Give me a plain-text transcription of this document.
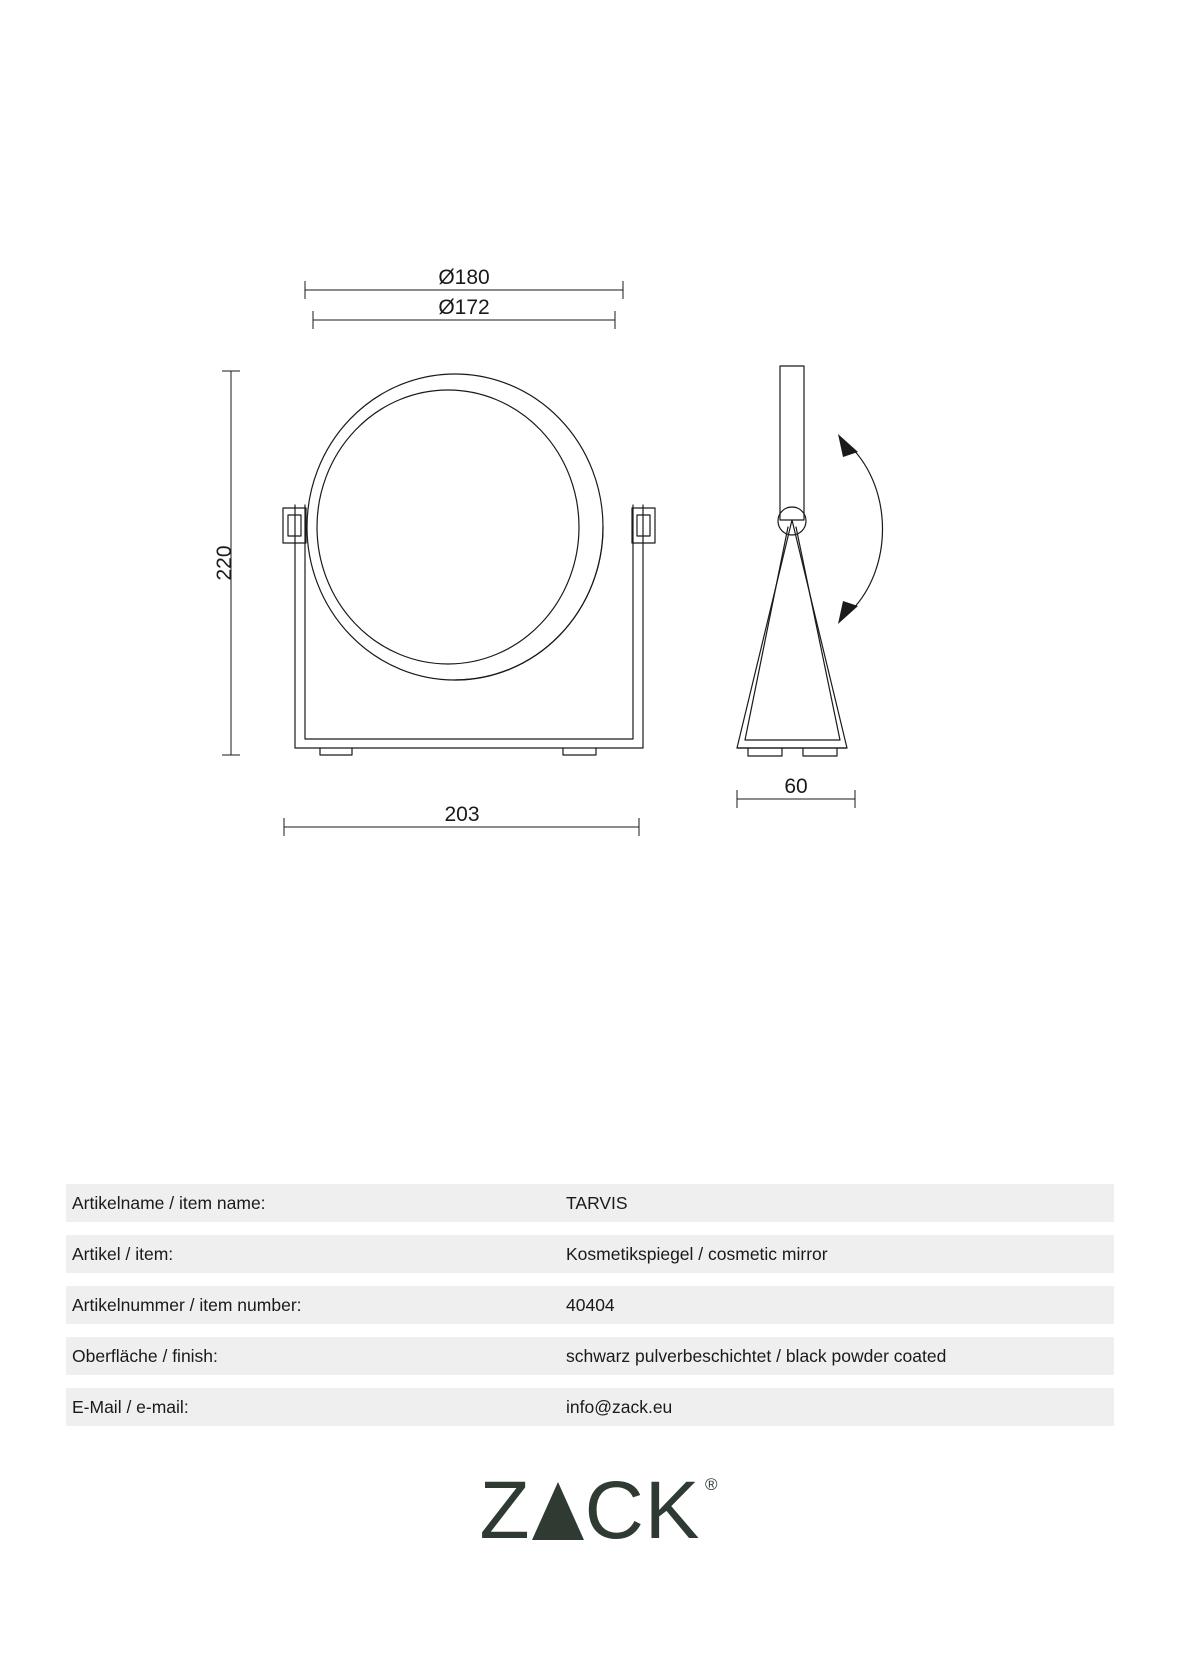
Ø180
Ø172
220
203
60
Artikelname / item name:	TARVIS
Artikel / item:	Kosmetikspiegel / cosmetic mirror
Artikelnummer / item number:	40404
Oberfläche / finish:	schwarz pulverbeschichtet / black powder coated
E-Mail / e-mail:	info@zack.eu
Z CK ®
